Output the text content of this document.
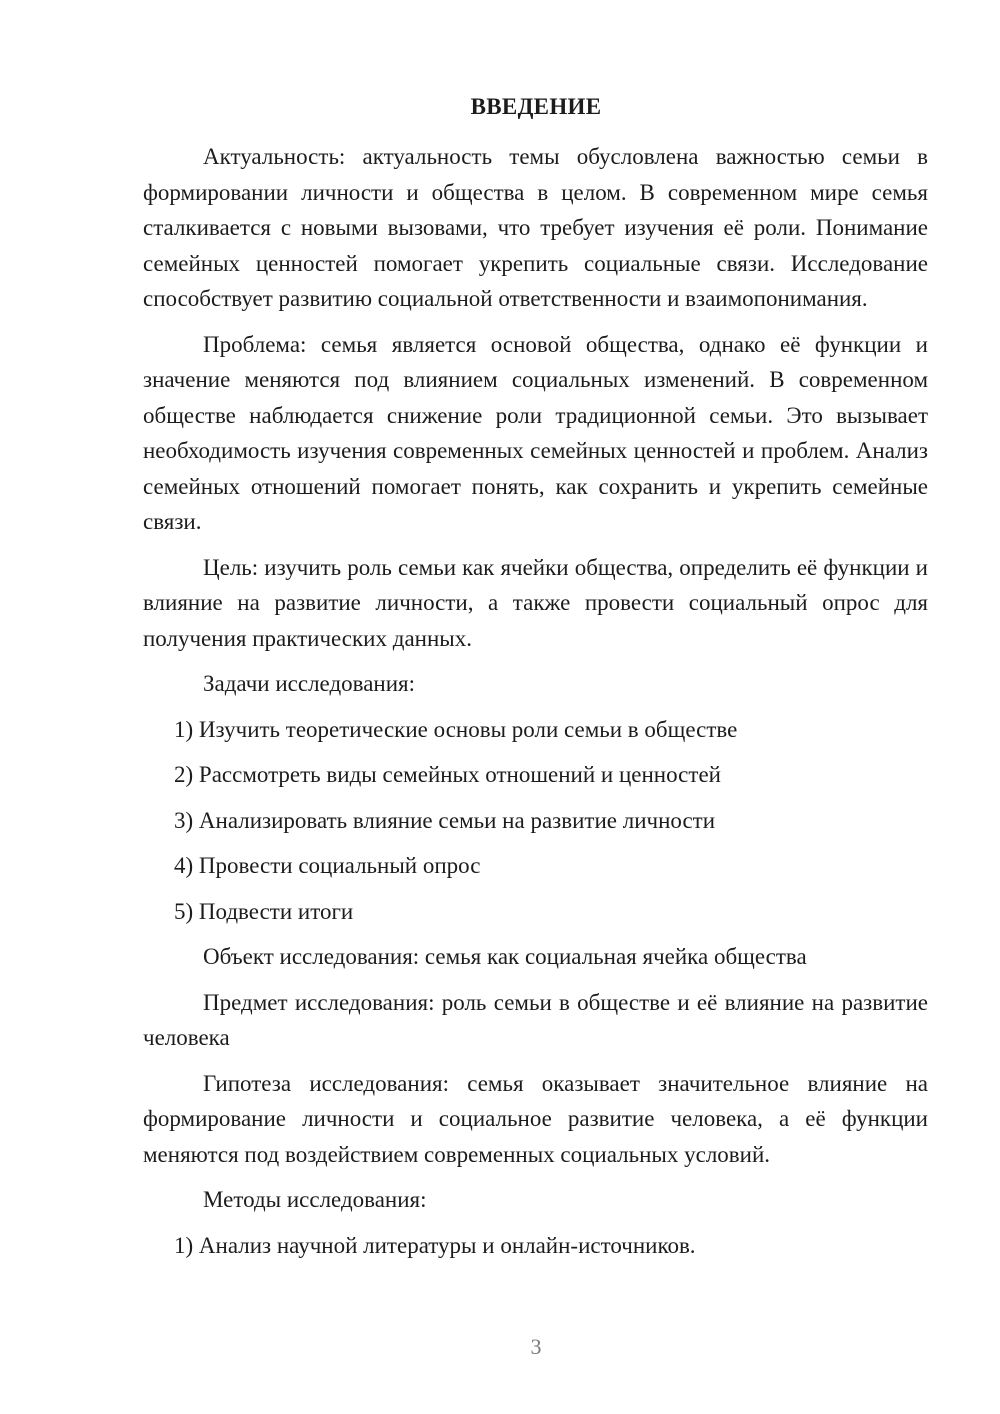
ВВЕДЕНИЕ

Актуальность: актуальность темы обусловлена важностью семьи в формировании личности и общества в целом. В современном мире семья сталкивается с новыми вызовами, что требует изучения её роли. Понимание семейных ценностей помогает укрепить социальные связи. Исследование способствует развитию социальной ответственности и взаимопонимания.

Проблема: семья является основой общества, однако её функции и значение меняются под влиянием социальных изменений. В современном обществе наблюдается снижение роли традиционной семьи. Это вызывает необходимость изучения современных семейных ценностей и проблем. Анализ семейных отношений помогает понять, как сохранить и укрепить семейные связи.

Цель: изучить роль семьи как ячейки общества, определить её функции и влияние на развитие личности, а также провести социальный опрос для получения практических данных.

Задачи исследования:

1) Изучить теоретические основы роли семьи в обществе

2) Рассмотреть виды семейных отношений и ценностей

3) Анализировать влияние семьи на развитие личности

4) Провести социальный опрос

5) Подвести итоги

Объект исследования: семья как социальная ячейка общества

Предмет исследования: роль семьи в обществе и её влияние на развитие человека

Гипотеза исследования: семья оказывает значительное влияние на формирование личности и социальное развитие человека, а её функции меняются под воздействием современных социальных условий.

Методы исследования:

1) Анализ научной литературы и онлайн-источников.

3
